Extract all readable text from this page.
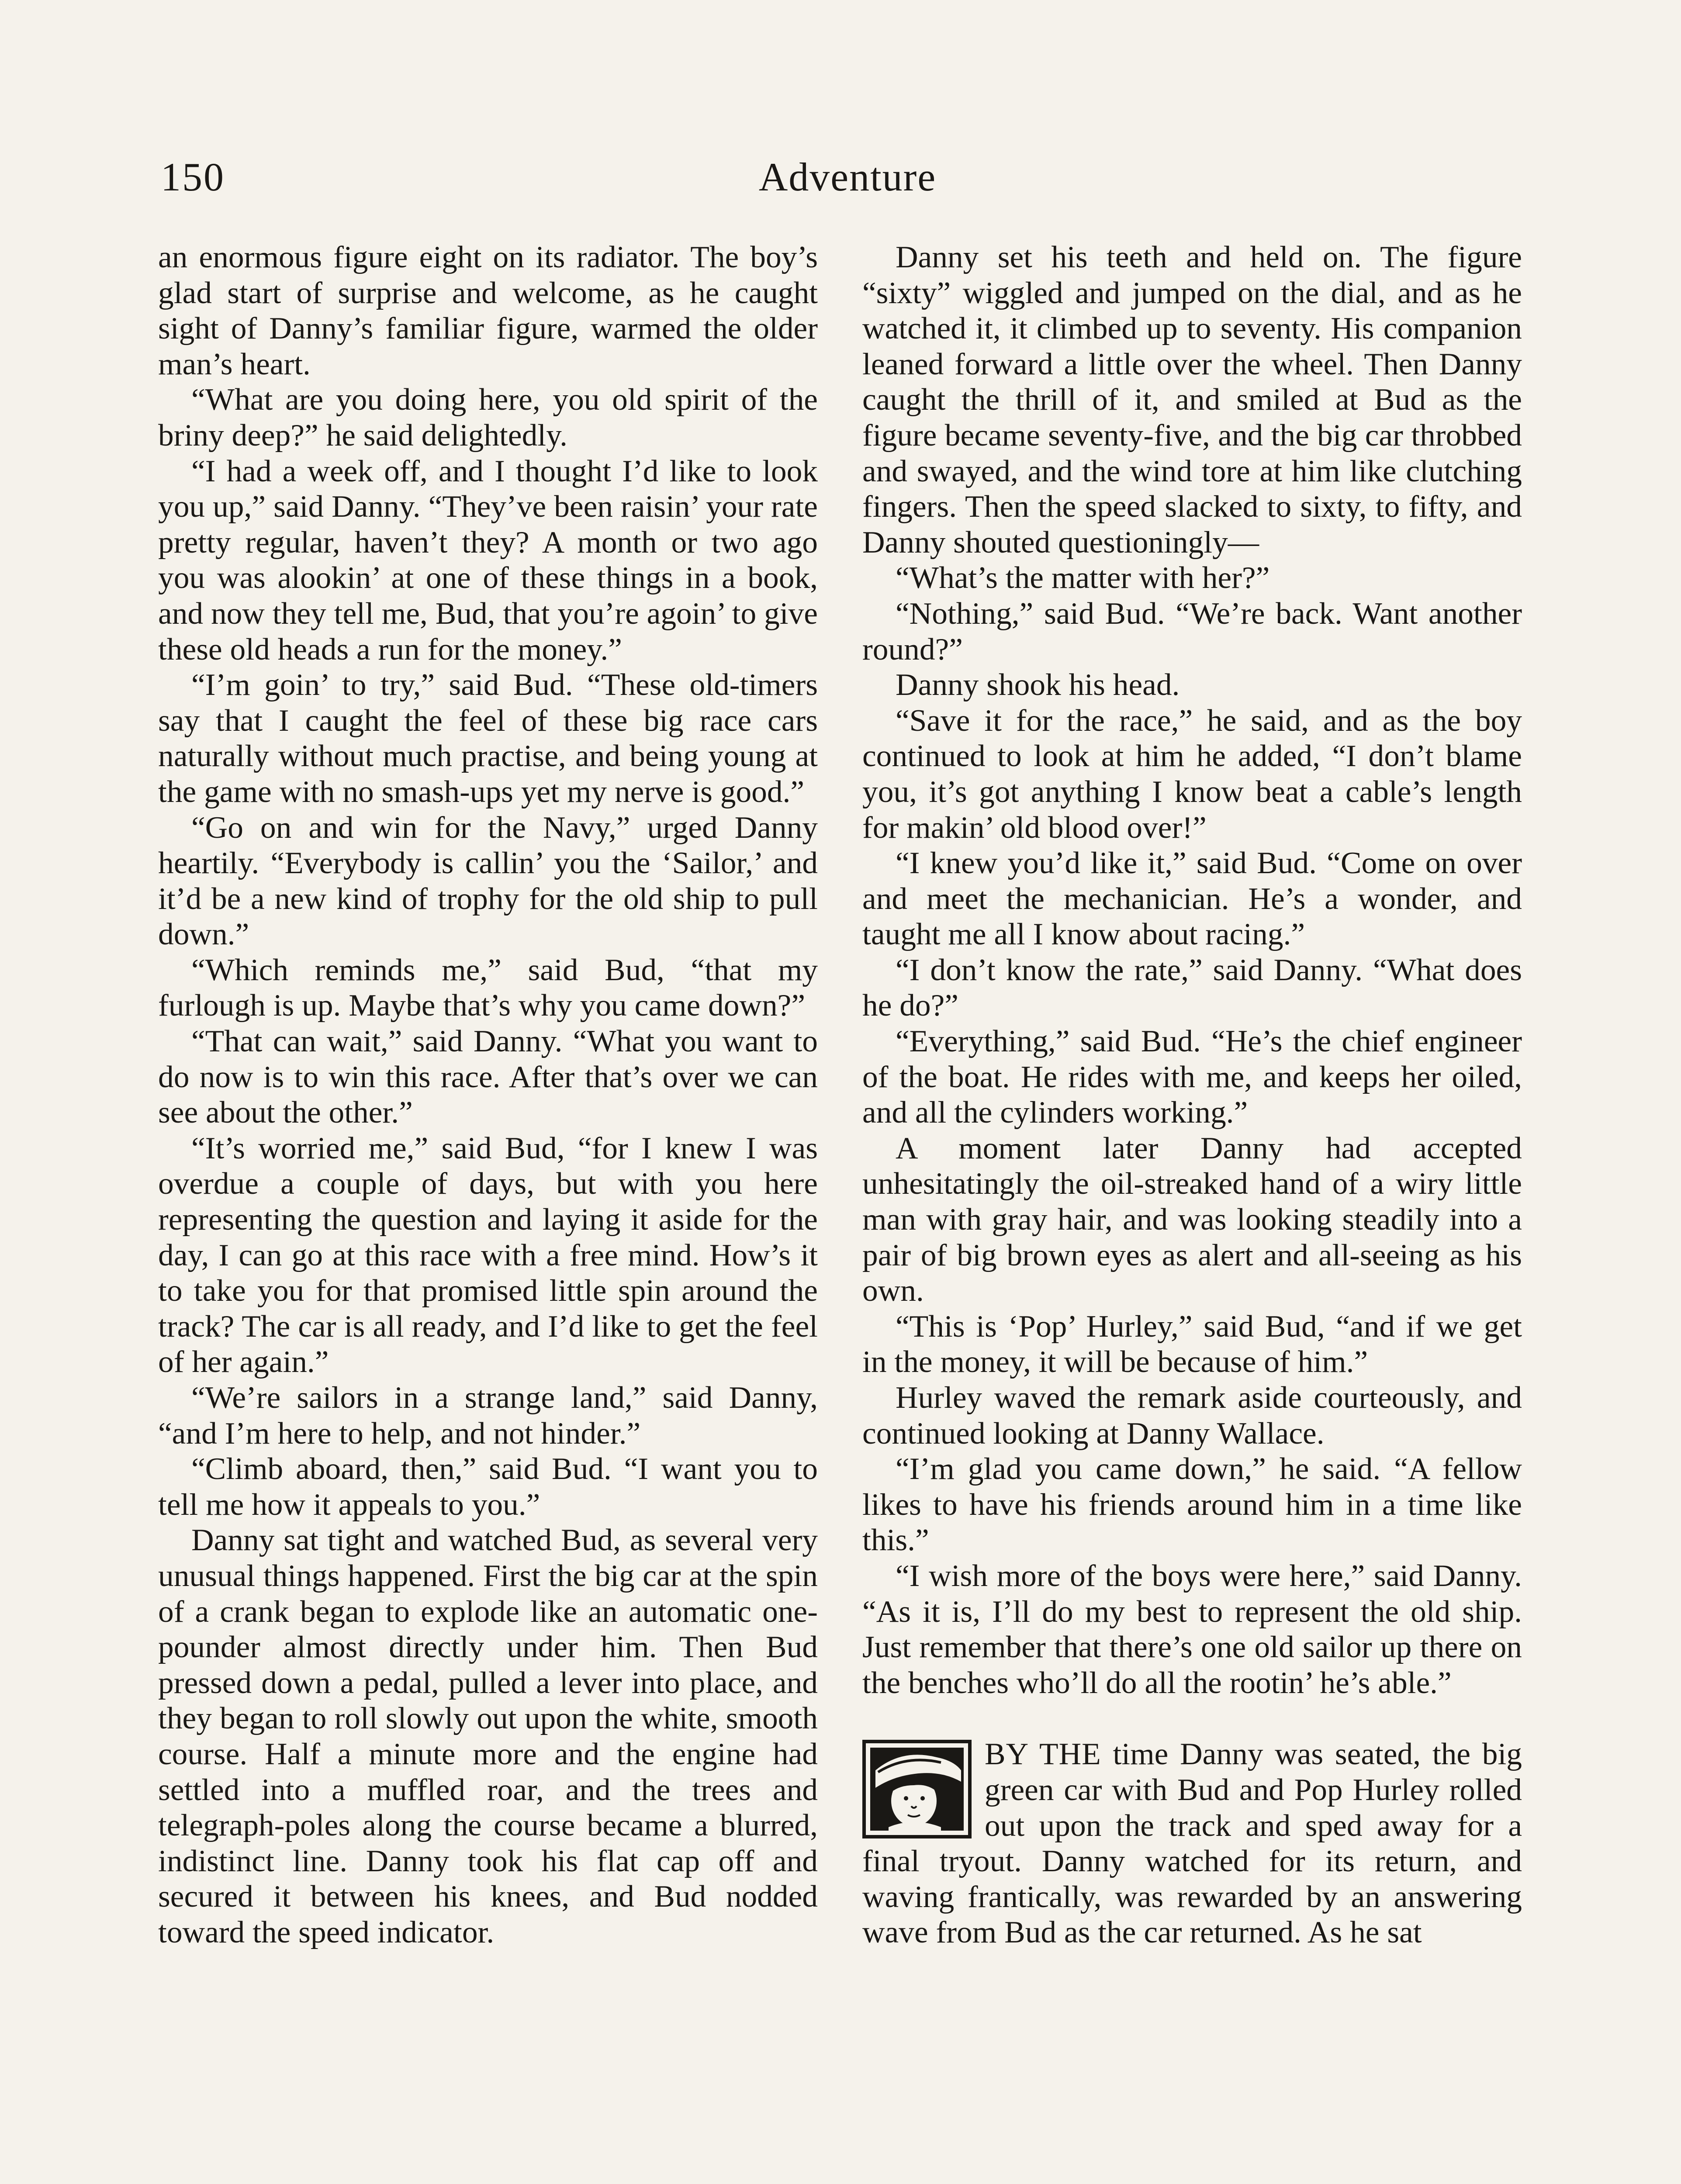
150	Adventure

an enormous figure eight on its radiator. The boy’s glad start of surprise and welcome, as he caught sight of Danny’s familiar figure, warmed the older man’s heart.

“What are you doing here, you old spirit of the briny deep?” he said delightedly.

“I had a week off, and I thought I’d like to look you up,” said Danny. “They’ve been raisin’ your rate pretty regular, haven’t they? A month or two ago you was alookin’ at one of these things in a book, and now they tell me, Bud, that you’re agoin’ to give these old heads a run for the money.”

“I’m goin’ to try,” said Bud. “These old-timers say that I caught the feel of these big race cars naturally without much practise, and being young at the game with no smash-ups yet my nerve is good.”

“Go on and win for the Navy,” urged Danny heartily. “Everybody is callin’ you the ‘Sailor,’ and it’d be a new kind of trophy for the old ship to pull down.”

“Which reminds me,” said Bud, “that my furlough is up. Maybe that’s why you came down?”

“That can wait,” said Danny. “What you want to do now is to win this race. After that’s over we can see about the other.”

“It’s worried me,” said Bud, “for I knew I was overdue a couple of days, but with you here representing the question and laying it aside for the day, I can go at this race with a free mind. How’s it to take you for that promised little spin around the track? The car is all ready, and I’d like to get the feel of her again.”

“We’re sailors in a strange land,” said Danny, “and I’m here to help, and not hinder.”

“Climb aboard, then,” said Bud. “I want you to tell me how it appeals to you.”

Danny sat tight and watched Bud, as several very unusual things happened. First the big car at the spin of a crank began to explode like an automatic one-pounder almost directly under him. Then Bud pressed down a pedal, pulled a lever into place, and they began to roll slowly out upon the white, smooth course. Half a minute more and the engine had settled into a muffled roar, and the trees and telegraph-poles along the course became a blurred, indistinct line. Danny took his flat cap off and secured it between his knees, and Bud nodded toward the speed indicator.

Danny set his teeth and held on. The figure “sixty” wiggled and jumped on the dial, and as he watched it, it climbed up to seventy. His companion leaned forward a little over the wheel. Then Danny caught the thrill of it, and smiled at Bud as the figure became seventy-five, and the big car throbbed and swayed, and the wind tore at him like clutching fingers. Then the speed slacked to sixty, to fifty, and Danny shouted questioningly—

“What’s the matter with her?”

“Nothing,” said Bud. “We’re back. Want another round?”

Danny shook his head.

“Save it for the race,” he said, and as the boy continued to look at him he added, “I don’t blame you, it’s got anything I know beat a cable’s length for makin’ old blood over!”

“I knew you’d like it,” said Bud. “Come on over and meet the mechanician. He’s a wonder, and taught me all I know about racing.”

“I don’t know the rate,” said Danny. “What does he do?”

“Everything,” said Bud. “He’s the chief engineer of the boat. He rides with me, and keeps her oiled, and all the cylinders working.”

A moment later Danny had accepted unhesitatingly the oil-streaked hand of a wiry little man with gray hair, and was looking steadily into a pair of big brown eyes as alert and all-seeing as his own.

“This is ‘Pop’ Hurley,” said Bud, “and if we get in the money, it will be because of him.”

Hurley waved the remark aside courteously, and continued looking at Danny Wallace.

“I’m glad you came down,” he said. “A fellow likes to have his friends around him in a time like this.”

“I wish more of the boys were here,” said Danny. “As it is, I’ll do my best to represent the old ship. Just remember that there’s one old sailor up there on the benches who’ll do all the rootin’ he’s able.”

BY THE time Danny was seated, the big green car with Bud and Pop Hurley rolled out upon the track and sped away for a final tryout. Danny watched for its return, and waving frantically, was rewarded by an answering wave from Bud as the car returned. As he sat
